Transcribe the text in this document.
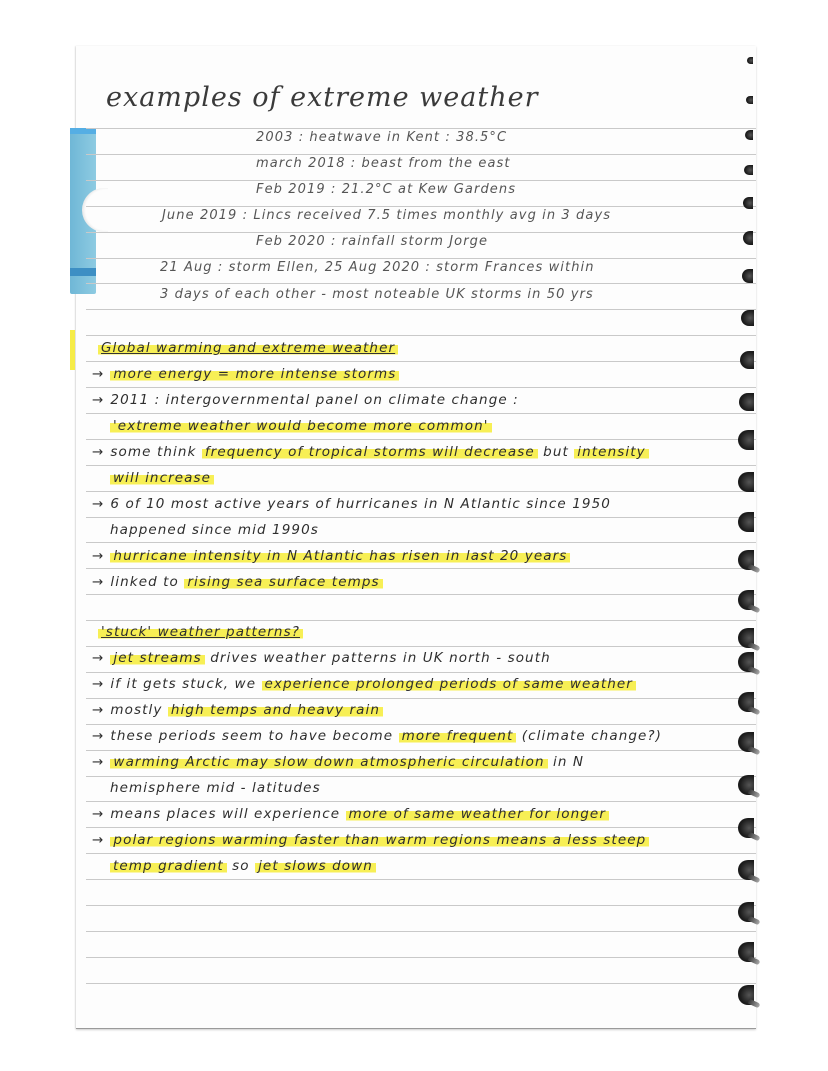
examples of extreme weather
2003 : heatwave in Kent : 38.5°C
march 2018 : beast from the east
Feb 2019 : 21.2°C at Kew Gardens
June 2019 : Lincs received 7.5 times monthly avg in 3 days
Feb 2020 : rainfall storm Jorge
21 Aug : storm Ellen, 25 Aug 2020 : storm Frances within
3 days of each other - most noteable UK storms in 50 yrs
Global warming and extreme weather
→ more energy = more intense storms
→ 2011 : intergovernmental panel on climate change :
'extreme weather would become more common'
→ some think frequency of tropical storms will decrease but intensity
will increase
→ 6 of 10 most active years of hurricanes in N Atlantic since 1950
happened since mid 1990s
→ hurricane intensity in N Atlantic has risen in last 20 years
→ linked to rising sea surface temps
'stuck' weather patterns?
→ jet streams drives weather patterns in UK north - south
→ if it gets stuck, we experience prolonged periods of same weather
→ mostly high temps and heavy rain
→ these periods seem to have become more frequent (climate change?)
→ warming Arctic may slow down atmospheric circulation in N
hemisphere mid - latitudes
→ means places will experience more of same weather for longer
→ polar regions warming faster than warm regions means a less steep
temp gradient so jet slows down
